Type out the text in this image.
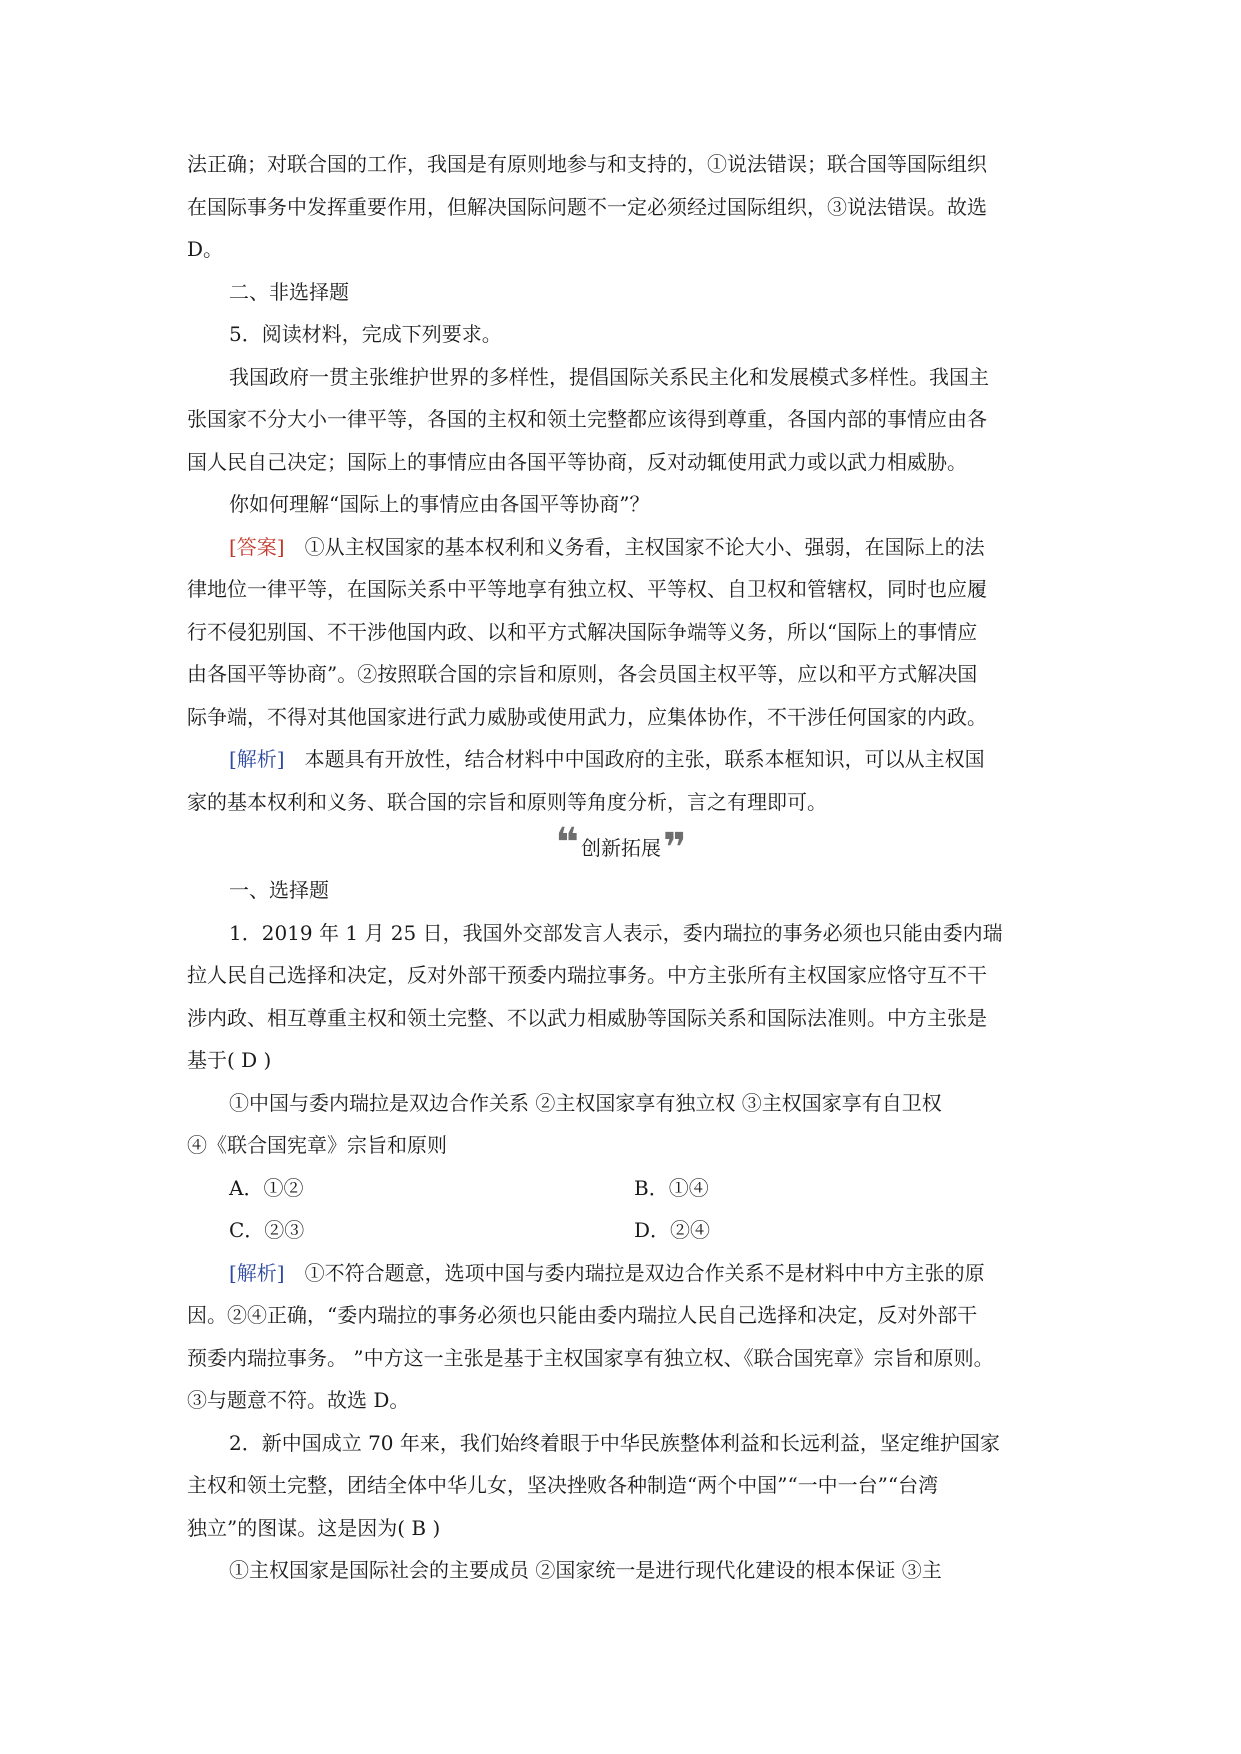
法正确；对联合国的工作，我国是有原则地参与和支持的，①说法错误；联合国等国际组织
在国际事务中发挥重要作用，但解决国际问题不一定必须经过国际组织，③说法错误。故选
D。
二、非选择题
5．阅读材料，完成下列要求。
我国政府一贯主张维护世界的多样性，提倡国际关系民主化和发展模式多样性。我国主
张国家不分大小一律平等，各国的主权和领土完整都应该得到尊重，各国内部的事情应由各
国人民自己决定；国际上的事情应由各国平等协商，反对动辄使用武力或以武力相威胁。
你如何理解“国际上的事情应由各国平等协商”？
[答案]  ①从主权国家的基本权利和义务看，主权国家不论大小、强弱，在国际上的法
律地位一律平等，在国际关系中平等地享有独立权、平等权、自卫权和管辖权，同时也应履
行不侵犯别国、不干涉他国内政、以和平方式解决国际争端等义务，所以“国际上的事情应
由各国平等协商”。②按照联合国的宗旨和原则，各会员国主权平等，应以和平方式解决国
际争端，不得对其他国家进行武力威胁或使用武力，应集体协作，不干涉任何国家的内政。
[解析]  本题具有开放性，结合材料中中国政府的主张，联系本框知识，可以从主权国
家的基本权利和义务、联合国的宗旨和原则等角度分析，言之有理即可。
❝ 创新拓展 ❞
一、选择题
1．2019 年 1 月 25 日，我国外交部发言人表示，委内瑞拉的事务必须也只能由委内瑞
拉人民自己选择和决定，反对外部干预委内瑞拉事务。中方主张所有主权国家应恪守互不干
涉内政、相互尊重主权和领土完整、不以武力相威胁等国际关系和国际法准则。中方主张是
基于( D )
①中国与委内瑞拉是双边合作关系 ②主权国家享有独立权 ③主权国家享有自卫权
④《联合国宪章》宗旨和原则
A．①②	B．①④
C．②③	D．②④
[解析]  ①不符合题意，选项中国与委内瑞拉是双边合作关系不是材料中中方主张的原
因。②④正确，“委内瑞拉的事务必须也只能由委内瑞拉人民自己选择和决定，反对外部干
预委内瑞拉事务。 ”中方这一主张是基于主权国家享有独立权、《联合国宪章》宗旨和原则。
③与题意不符。故选 D。
2．新中国成立 70 年来，我们始终着眼于中华民族整体利益和长远利益，坚定维护国家
主权和领土完整，团结全体中华儿女，坚决挫败各种制造“两个中国”“一中一台”“台湾
独立”的图谋。这是因为( B )
①主权国家是国际社会的主要成员 ②国家统一是进行现代化建设的根本保证 ③主
